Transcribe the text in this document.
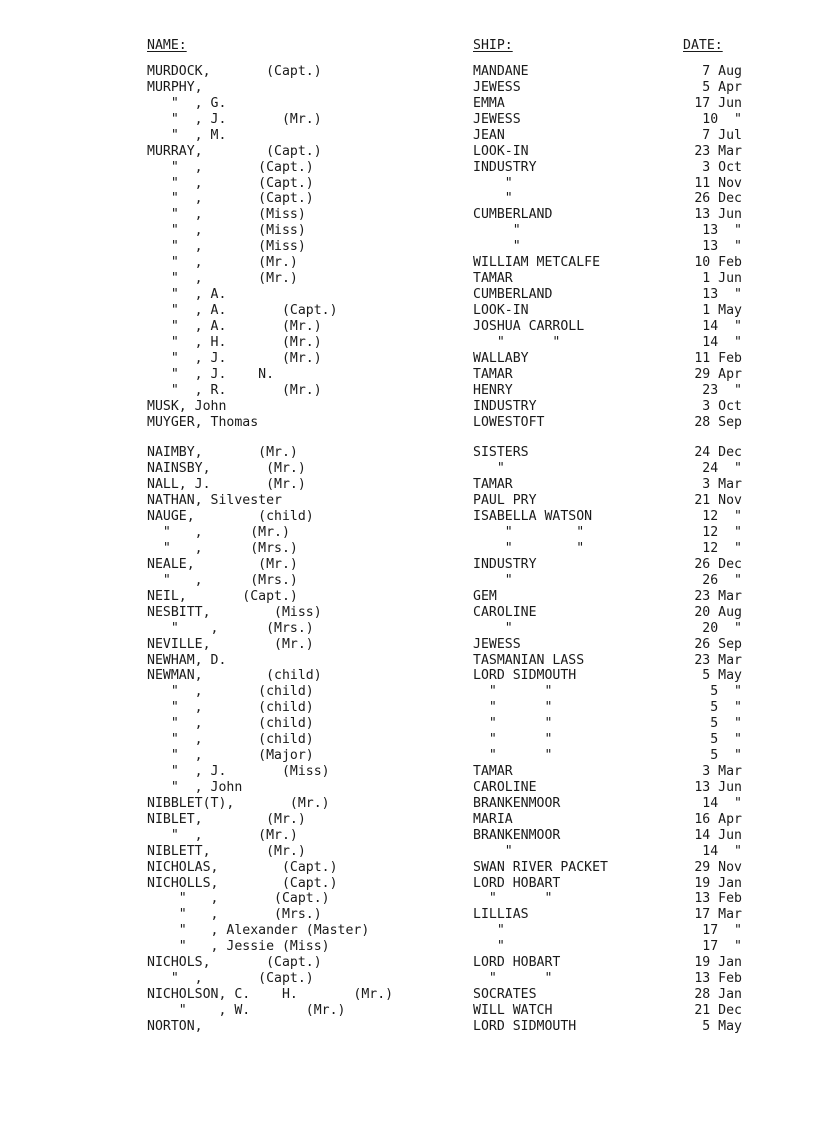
NAME:	SHIP:	DATE:
MURDOCK,       (Capt.)	MANDANE	7 Aug
MURPHY,	JEWESS	5 Apr
"  , G.	EMMA	17 Jun
"  , J.       (Mr.)	JEWESS	10  "
"  , M.	JEAN	7 Jul
MURRAY,        (Capt.)	LOOK-IN	23 Mar
"  ,       (Capt.)	INDUSTRY	3 Oct
"  ,       (Capt.)	"	11 Nov
"  ,       (Capt.)	"	26 Dec
"  ,       (Miss)	CUMBERLAND	13 Jun
"  ,       (Miss)	"	13  "
"  ,       (Miss)	"	13  "
"  ,       (Mr.)	WILLIAM METCALFE	10 Feb
"  ,       (Mr.)	TAMAR	1 Jun
"  , A.	CUMBERLAND	13  "
"  , A.       (Capt.)	LOOK-IN	1 May
"  , A.       (Mr.)	JOSHUA CARROLL	14  "
"  , H.       (Mr.)	"      "	14  "
"  , J.       (Mr.)	WALLABY	11 Feb
"  , J.    N.	TAMAR	29 Apr
"  , R.       (Mr.)	HENRY	23  "
MUSK, John	INDUSTRY	3 Oct
MUYGER, Thomas	LOWESTOFT	28 Sep
NAIMBY,       (Mr.)	SISTERS	24 Dec
NAINSBY,       (Mr.)	"	24  "
NALL, J.       (Mr.)	TAMAR	3 Mar
NATHAN, Silvester	PAUL PRY	21 Nov
NAUGE,        (child)	ISABELLA WATSON	12  "
"   ,      (Mr.)	"        "	12  "
"   ,      (Mrs.)	"        "	12  "
NEALE,        (Mr.)	INDUSTRY	26 Dec
"   ,      (Mrs.)	"	26  "
NEIL,       (Capt.)	GEM	23 Mar
NESBITT,        (Miss)	CAROLINE	20 Aug
"    ,      (Mrs.)	"	20  "
NEVILLE,        (Mr.)	JEWESS	26 Sep
NEWHAM, D.	TASMANIAN LASS	23 Mar
NEWMAN,        (child)	LORD SIDMOUTH	5 May
"  ,       (child)	"      "	5  "
"  ,       (child)	"      "	5  "
"  ,       (child)	"      "	5  "
"  ,       (child)	"      "	5  "
"  ,       (Major)	"      "	5  "
"  , J.       (Miss)	TAMAR	3 Mar
"  , John	CAROLINE	13 Jun
NIBBLET(T),       (Mr.)	BRANKENMOOR	14  "
NIBLET,        (Mr.)	MARIA	16 Apr
"  ,       (Mr.)	BRANKENMOOR	14 Jun
NIBLETT,       (Mr.)	"	14  "
NICHOLAS,        (Capt.)	SWAN RIVER PACKET	29 Nov
NICHOLLS,        (Capt.)	LORD HOBART	19 Jan
"   ,       (Capt.)	"      "	13 Feb
"   ,       (Mrs.)	LILLIAS	17 Mar
"   , Alexander (Master)	"	17  "
"   , Jessie (Miss)	"	17  "
NICHOLS,       (Capt.)	LORD HOBART	19 Jan
"  ,       (Capt.)	"      "	13 Feb
NICHOLSON, C.    H.       (Mr.)	SOCRATES	28 Jan
"    , W.       (Mr.)	WILL WATCH	21 Dec
NORTON,	LORD SIDMOUTH	5 May
